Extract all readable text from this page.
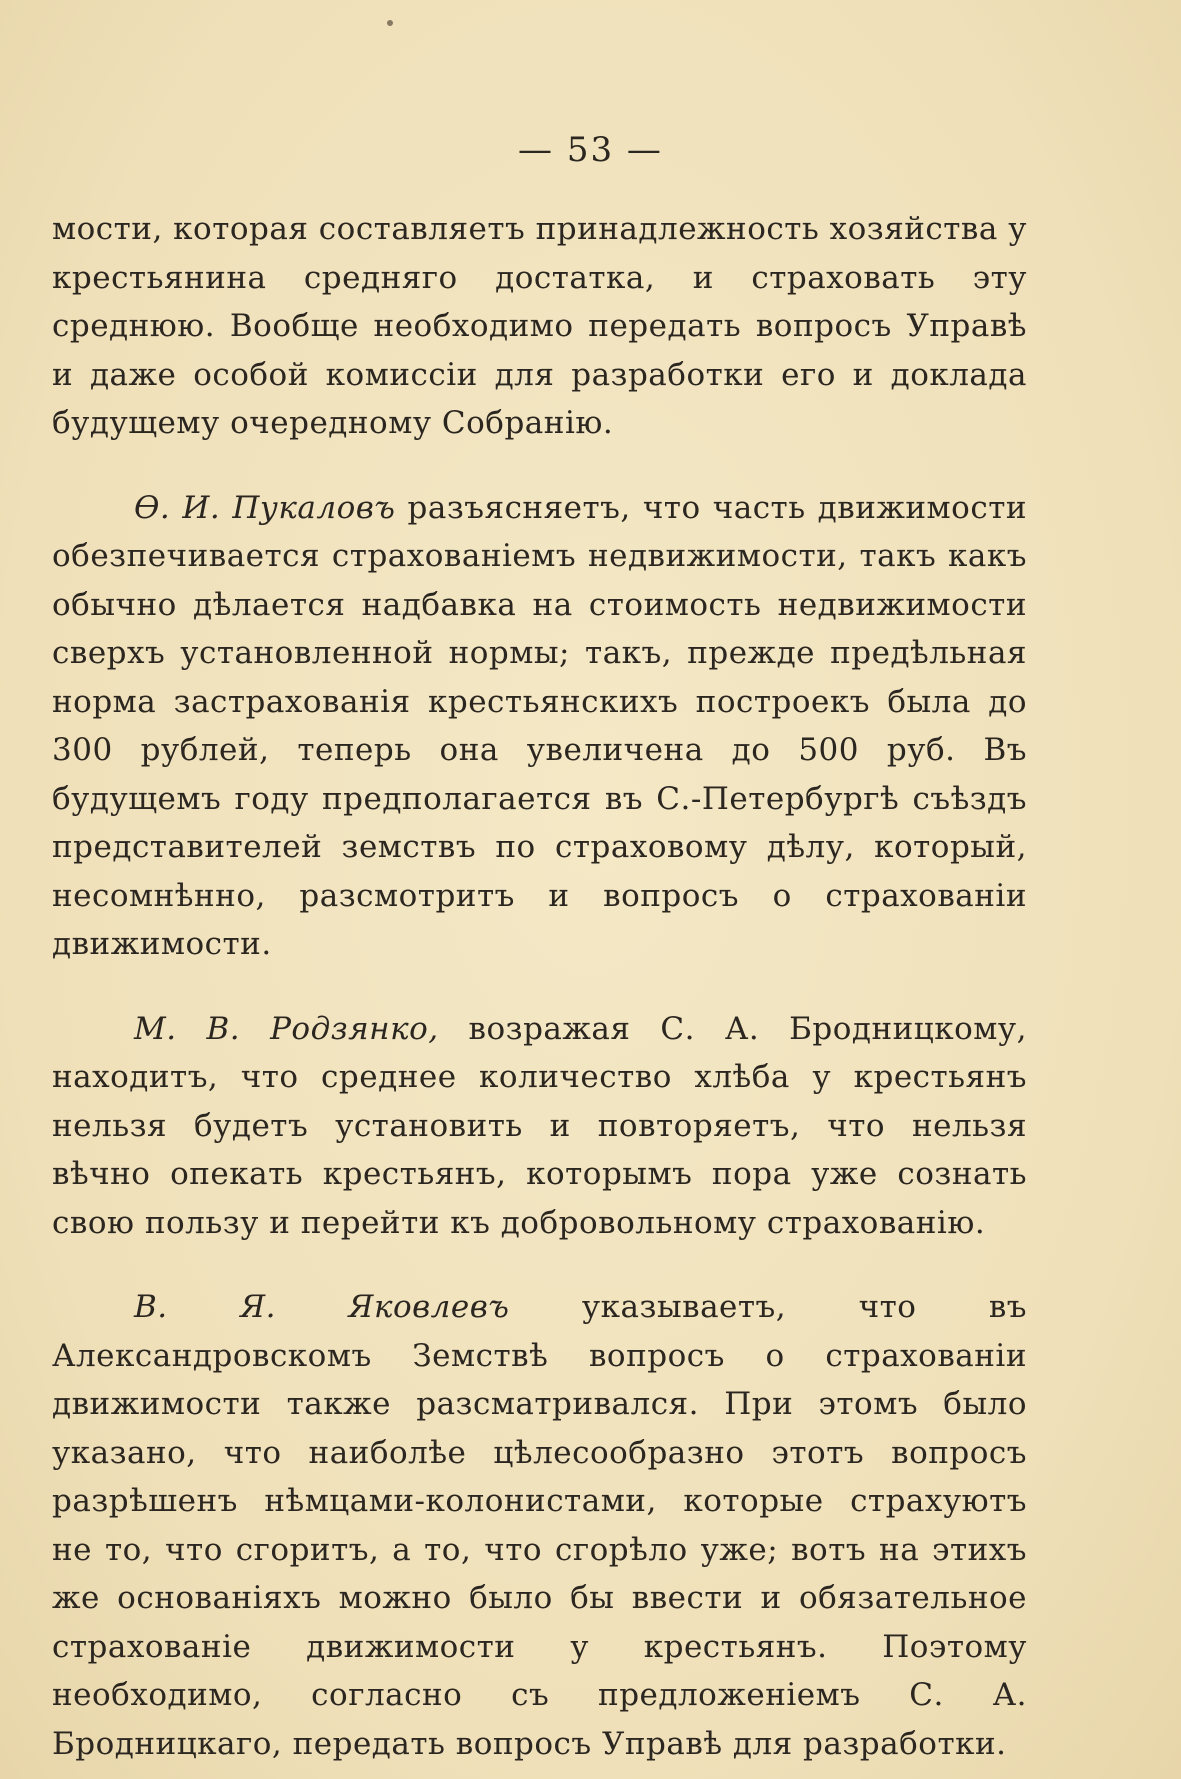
— 53 —

мости, которая составляетъ принадлежность хозяйства у крестьянина средняго достатка, и страховать эту среднюю. Вообще необходимо передать вопросъ Управѣ и даже особой комиссіи для разработки его и доклада будущему очередному Собранію.

Ѳ. И. Пукаловъ разъясняетъ, что часть движимости обезпечивается страхованіемъ недвижимости, такъ какъ обычно дѣлается надбавка на стоимость недвижимости сверхъ установленной нормы; такъ, прежде предѣльная норма застрахованія крестьянскихъ построекъ была до 300 рублей, теперь она увеличена до 500 руб. Въ будущемъ году предполагается въ С.-Петербургѣ съѣздъ представителей земствъ по страховому дѣлу, который, несомнѣнно, разсмотритъ и вопросъ о страхованіи движимости.

М. В. Родзянко, возражая С. А. Бродницкому, находитъ, что среднее количество хлѣба у крестьянъ нельзя будетъ установить и повторяетъ, что нельзя вѣчно опекать крестьянъ, которымъ пора уже сознать свою пользу и перейти къ добровольному страхованію.

В. Я. Яковлевъ указываетъ, что въ Александровскомъ Земствѣ вопросъ о страхованіи движимости также разсматривался. При этомъ было указано, что наиболѣе цѣлесообразно этотъ вопросъ разрѣшенъ нѣмцами-колонистами, которые страхуютъ не то, что сгоритъ, а то, что сгорѣло уже; вотъ на этихъ же основаніяхъ можно было бы ввести и обязательное страхованіе движимости у крестьянъ. Поэтому необходимо, согласно съ предложеніемъ С. А. Бродницкаго, передать вопросъ Управѣ для разработки.
